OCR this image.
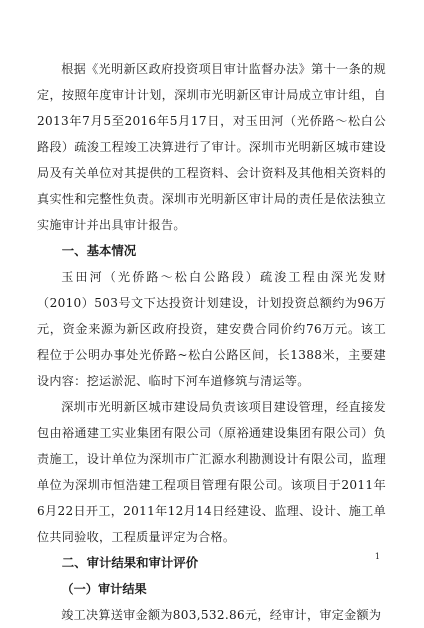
根据《光明新区政府投资项目审计监督办法》第十一条的规定，按照年度审计计划，深圳市光明新区审计局成立审计组，自2013年7月5至2016年5月17日，对玉田河（光侨路～松白公路段）疏浚工程竣工决算进行了审计。深圳市光明新区城市建设局及有关单位对其提供的工程资料、会计资料及其他相关资料的真实性和完整性负责。深圳市光明新区审计局的责任是依法独立实施审计并出具审计报告。

一、基本情况

玉田河（光侨路～松白公路段）疏浚工程由深光发财（2010）503号文下达投资计划建设，计划投资总额约为96万元，资金来源为新区政府投资，建安费合同价约76万元。该工程位于公明办事处光侨路~松白公路区间，长1388米，主要建设内容：挖运淤泥、临时下河车道修筑与清运等。

深圳市光明新区城市建设局负责该项目建设管理，经直接发包由裕通建工实业集团有限公司（原裕通建设集团有限公司）负责施工，设计单位为深圳市广汇源水利勘测设计有限公司，监理单位为深圳市恒浩建工程项目管理有限公司。该项目于2011年6月22日开工，2011年12月14日经建设、监理、设计、施工单位共同验收，工程质量评定为合格。

二、审计结果和审计评价

（一）审计结果

竣工决算送审金额为803,532.86元，经审计，审定金额为

1
